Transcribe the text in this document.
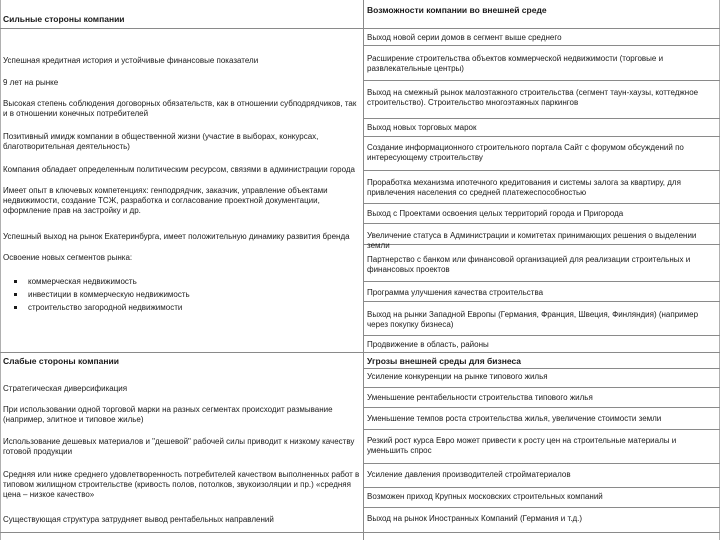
Сильные стороны компании

Успешная кредитная история и устойчивые финансовые показатели

9 лет на рынке

Высокая степень соблюдения договорных обязательств, как в отношении субподрядчиков, так и в отношении конечных потребителей

Позитивный имидж компании в общественной жизни (участие в выборах, конкурсах, благотворительная деятельность)

Компания обладает определенным политическим ресурсом, связями в администрации города

Имеет опыт в ключевых компетенциях: генподрядчик, заказчик, управление объектами недвижимости, создание ТСЖ, разработка и согласование проектной документации, оформление прав на застройку и др.

Успешный выход на рынок Екатеринбурга, имеет положительную динамику развития бренда

Освоение новых сегментов рынка:

коммерческая недвижимость
инвестиции в коммерческую недвижимость
строительство загородной недвижимости

Возможности компании во внешней среде

Выход новой серии домов в сегмент выше среднего

Расширение строительства объектов коммерческой недвижимости (торговые и развлекательные центры)

Выход на смежный рынок малоэтажного строительства (сегмент таун-хаузы, коттеджное строительство). Строительство многоэтажных паркингов

Выход новых торговых марок

Создание информационного строительного портала Сайт с форумом обсуждений по интересующему строительству

Проработка механизма ипотечного кредитования и системы залога за квартиру, для привлечения населения со средней платежеспособностью

Выход с Проектами освоения целых территорий города и Пригорода

Увеличение статуса в Администрации и комитетах принимающих решения о выделении земли

Партнерство с банком или финансовой организацией для реализации строительных и финансовых проектов

Программа улучшения качества строительства

Выход на рынки Западной Европы (Германия, Франция, Швеция, Финляндия) (например через покупку бизнеса)

Продвижение в область, районы

Слабые стороны компании

Стратегическая диверсификация

При использовании одной торговой марки на разных сегментах происходит размывание (например, элитное и типовое жилье)

Использование дешевых материалов и "дешевой" рабочей силы приводит к низкому качеству готовой продукции

Средняя или ниже среднего удовлетворенность потребителей качеством выполненных работ в типовом жилищном строительстве (кривость полов, потолков, звукоизоляции и пр.) «средняя цена – низкое качество»

Существующая структура затрудняет вывод рентабельных направлений

Угрозы внешней среды для бизнеса

Усиление конкуренции на рынке типового жилья

Уменьшение рентабельности строительства типового жилья

Уменьшение темпов роста строительства жилья, увеличение стоимости земли

Резкий рост курса Евро может привести к росту цен на строительные материалы и уменьшить спрос

Усиление давления производителей стройматериалов

Возможен приход Крупных московских строительных компаний

Выход на рынок Иностранных Компаний (Германия и т.д.)
